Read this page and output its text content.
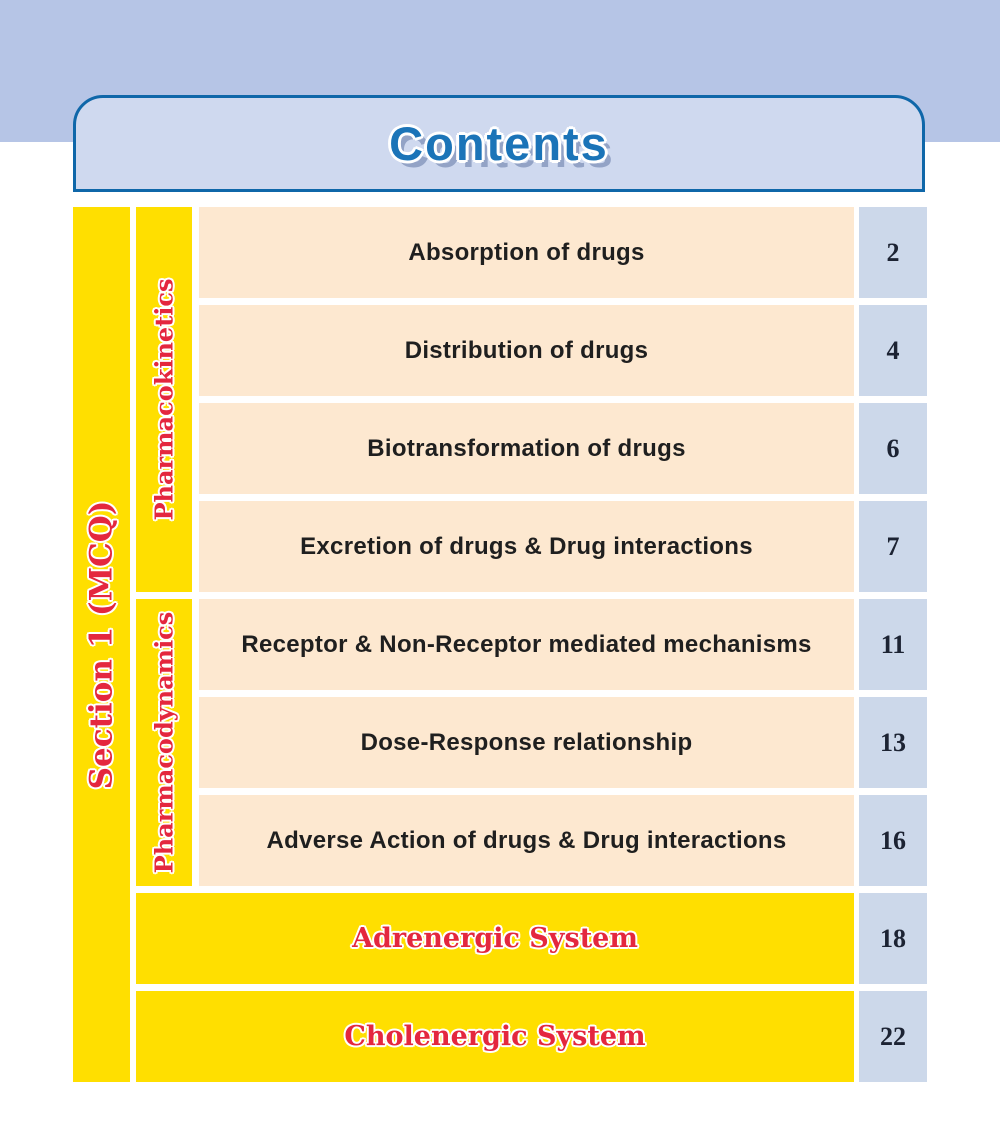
Contents
Section 1 (MCQ)
Pharmacokinetics
Pharmacodynamics
Absorption of drugs
Distribution of drugs
Biotransformation of drugs
Excretion of drugs & Drug interactions
Receptor & Non-Receptor mediated mechanisms
Dose-Response relationship
Adverse Action of drugs & Drug interactions
Adrenergic System
Cholenergic System
2
4
6
7
11
13
16
18
22
